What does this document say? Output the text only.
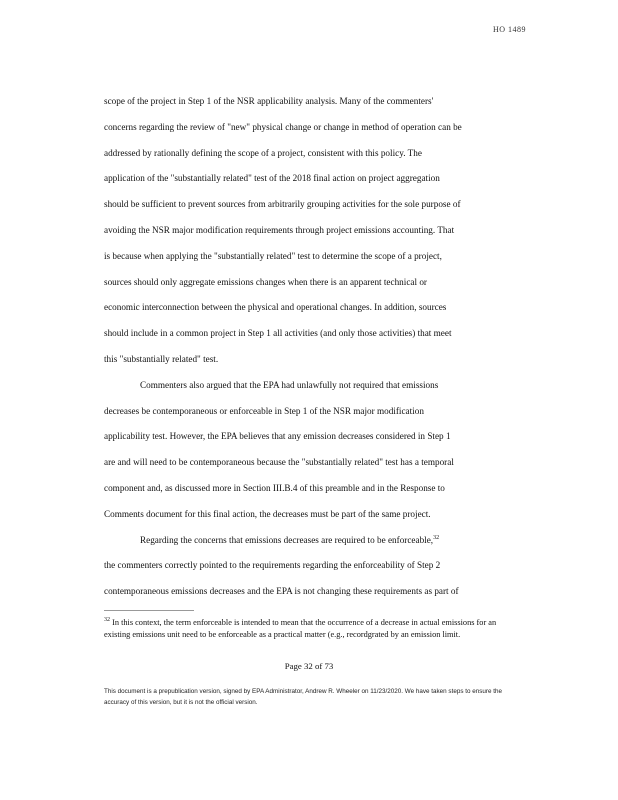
HO 1489
scope of the project in Step 1 of the NSR applicability analysis. Many of the commenters'
concerns regarding the review of "new" physical change or change in method of operation can be
addressed by rationally defining the scope of a project, consistent with this policy. The
application of the "substantially related" test of the 2018 final action on project aggregation
should be sufficient to prevent sources from arbitrarily grouping activities for the sole purpose of
avoiding the NSR major modification requirements through project emissions accounting. That
is because when applying the "substantially related" test to determine the scope of a project,
sources should only aggregate emissions changes when there is an apparent technical or
economic interconnection between the physical and operational changes. In addition, sources
should include in a common project in Step 1 all activities (and only those activities) that meet
this "substantially related" test.
Commenters also argued that the EPA had unlawfully not required that emissions
decreases be contemporaneous or enforceable in Step 1 of the NSR major modification
applicability test. However, the EPA believes that any emission decreases considered in Step 1
are and will need to be contemporaneous because the "substantially related" test has a temporal
component and, as discussed more in Section III.B.4 of this preamble and in the Response to
Comments document for this final action, the decreases must be part of the same project.
Regarding the concerns that emissions decreases are required to be enforceable,$^{32}$
the commenters correctly pointed to the requirements regarding the enforceability of Step 2
contemporaneous emissions decreases and the EPA is not changing these requirements as part of
$^{32}$ In this context, the term enforceable is intended to mean that the occurrence of a decrease in actual emissions for an existing emissions unit need to be enforceable as a practical matter (e.g., recordgrated by an emission limit.
Page 32 of 73
This document is a prepublication version, signed by EPA Administrator, Andrew R. Wheeler on 11/23/2020. We have taken steps to ensure the accuracy of this version, but it is not the official version.
